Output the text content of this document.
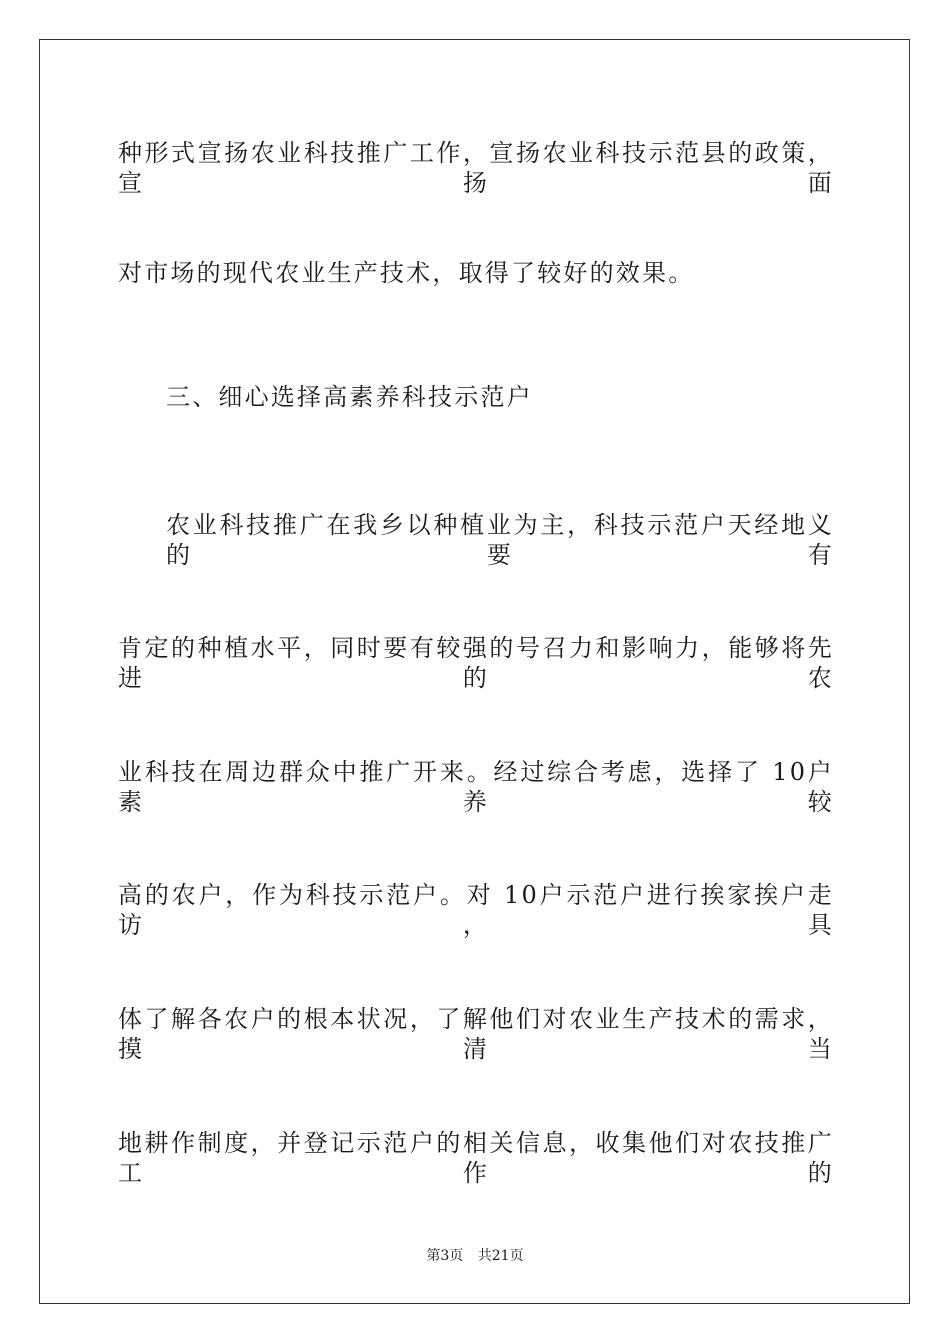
种形式宣扬农业科技推广工作，宣扬农业科技示范县的政策，宣扬面
对市场的现代农业生产技术，取得了较好的效果。
三、细心选择高素养科技示范户
农业科技推广在我乡以种植业为主，科技示范户天经地义的要有
肯定的种植水平，同时要有较强的号召力和影响力，能够将先进的农
业科技在周边群众中推广开来。经过综合考虑，选择了 10户素养较
高的农户，作为科技示范户。对 10户示范户进行挨家挨户走访，具
体了解各农户的根本状况，了解他们对农业生产技术的需求，摸清当
地耕作制度，并登记示范户的相关信息，收集他们对农技推广工作的
第3页 共21页
